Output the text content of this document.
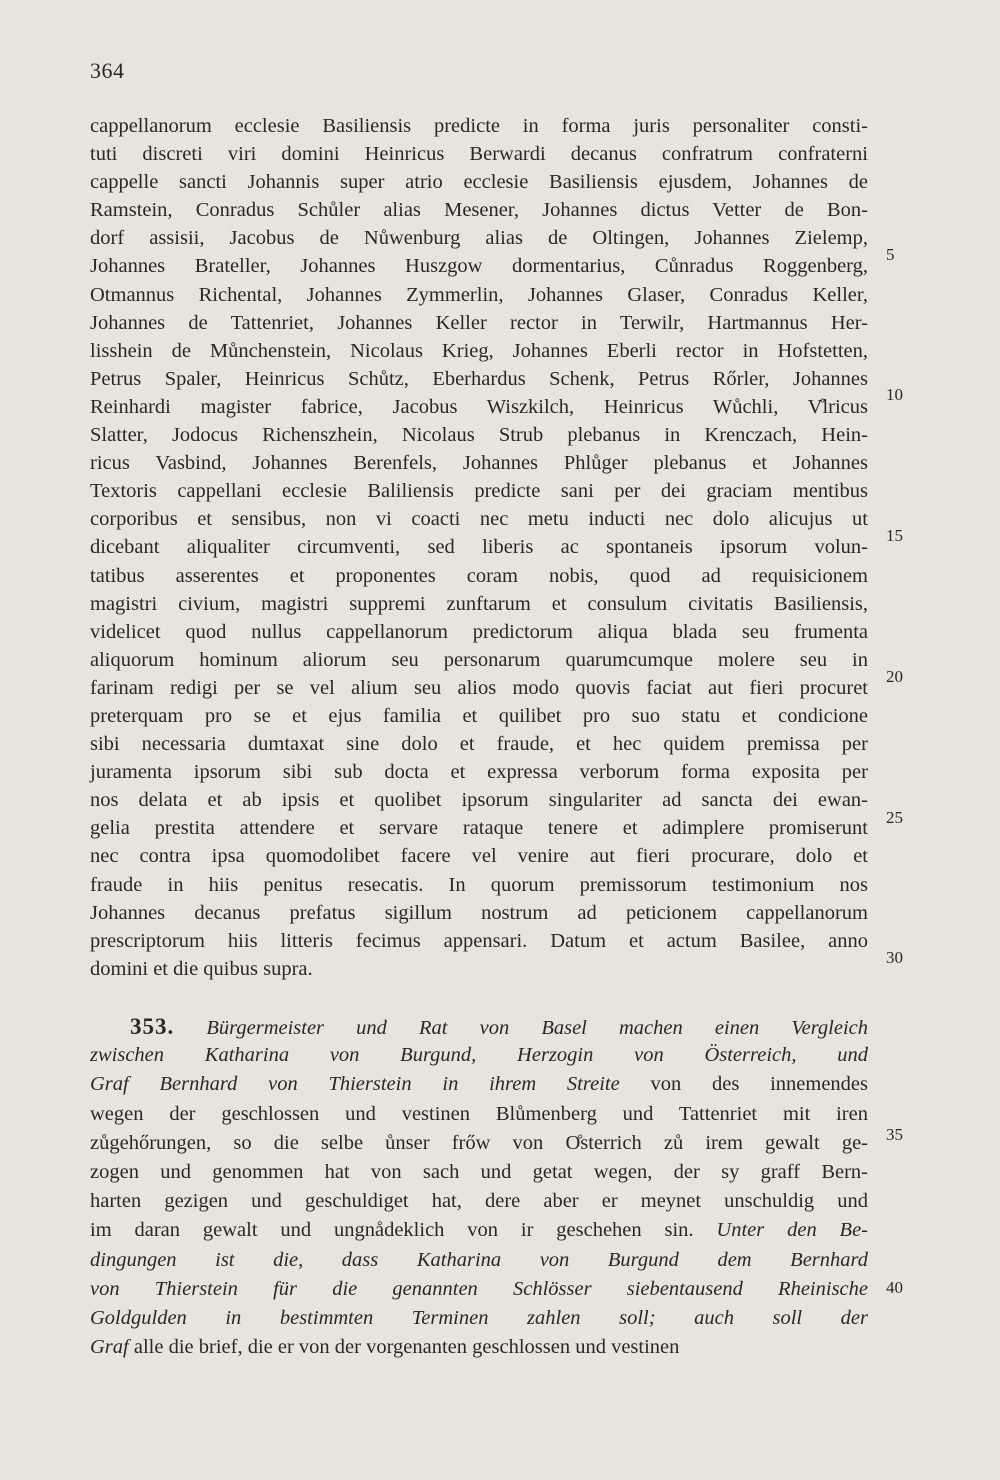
364
cappellanorum ecclesie Basiliensis predicte in forma juris personaliter consti-
tuti discreti viri domini Heinricus Berwardi decanus confratrum confraterni
cappelle sancti Johannis super atrio ecclesie Basiliensis ejusdem, Johannes de
Ramstein, Conradus Schůler alias Mesener, Johannes dictus Vetter de Bon-
dorf assisii, Jacobus de Nůwenburg alias de Oltingen, Johannes Zielemp,
Johannes Brateller, Johannes Huszgow dormentarius, Cůnradus Roggenberg,
Otmannus Richental, Johannes Zymmerlin, Johannes Glaser, Conradus Keller,
Johannes de Tattenriet, Johannes Keller rector in Terwilr, Hartmannus Her-
lisshein de Můnchenstein, Nicolaus Krieg, Johannes Eberli rector in Hofstetten,
Petrus Spaler, Heinricus Schůtz, Eberhardus Schenk, Petrus Rőrler, Johannes
Reinhardi magister fabrice, Jacobus Wiszkilch, Heinricus Wůchli, V̊lricus
Slatter, Jodocus Richenszhein, Nicolaus Strub plebanus in Krenczach, Hein-
ricus Vasbind, Johannes Berenfels, Johannes Phlůger plebanus et Johannes
Textoris cappellani ecclesie Baliliensis predicte sani per dei graciam mentibus
corporibus et sensibus, non vi coacti nec metu inducti nec dolo alicujus ut
dicebant aliqualiter circumventi, sed liberis ac spontaneis ipsorum volun-
tatibus asserentes et proponentes coram nobis, quod ad requisicionem
magistri civium, magistri suppremi zunftarum et consulum civitatis Basiliensis,
videlicet quod nullus cappellanorum predictorum aliqua blada seu frumenta
aliquorum hominum aliorum seu personarum quarumcumque molere seu in
farinam redigi per se vel alium seu alios modo quovis faciat aut fieri procuret
preterquam pro se et ejus familia et quilibet pro suo statu et condicione
sibi necessaria dumtaxat sine dolo et fraude, et hec quidem premissa per
juramenta ipsorum sibi sub docta et expressa verborum forma exposita per
nos delata et ab ipsis et quolibet ipsorum singulariter ad sancta dei ewan-
gelia prestita attendere et servare rataque tenere et adimplere promiserunt
nec contra ipsa quomodolibet facere vel venire aut fieri procurare, dolo et
fraude in hiis penitus resecatis. In quorum premissorum testimonium nos
Johannes decanus prefatus sigillum nostrum ad peticionem cappellanorum
prescriptorum hiis litteris fecimus appensari. Datum et actum Basilee, anno
domini et die quibus supra.
353. Bürgermeister und Rat von Basel machen einen Vergleich
zwischen Katharina von Burgund, Herzogin von Österreich, und
Graf Bernhard von Thierstein in ihrem Streite von des innemendes
wegen der geschlossen und vestinen Blůmenberg und Tattenriet mit iren
zůgehőrungen, so die selbe ůnser frőw von O̊sterrich zů irem gewalt ge-
zogen und genommen hat von sach und getat wegen, der sy graff Bern-
harten gezigen und geschuldiget hat, dere aber er meynet unschuldig und
im daran gewalt und ungnådeklich von ir geschehen sin. Unter den Be-
dingungen ist die, dass Katharina von Burgund dem Bernhard
von Thierstein für die genannten Schlösser siebentausend Rheinische
Goldgulden in bestimmten Terminen zahlen soll; auch soll der
Graf alle die brief, die er von der vorgenanten geschlossen und vestinen
5
10
15
20
25
30
35
40
